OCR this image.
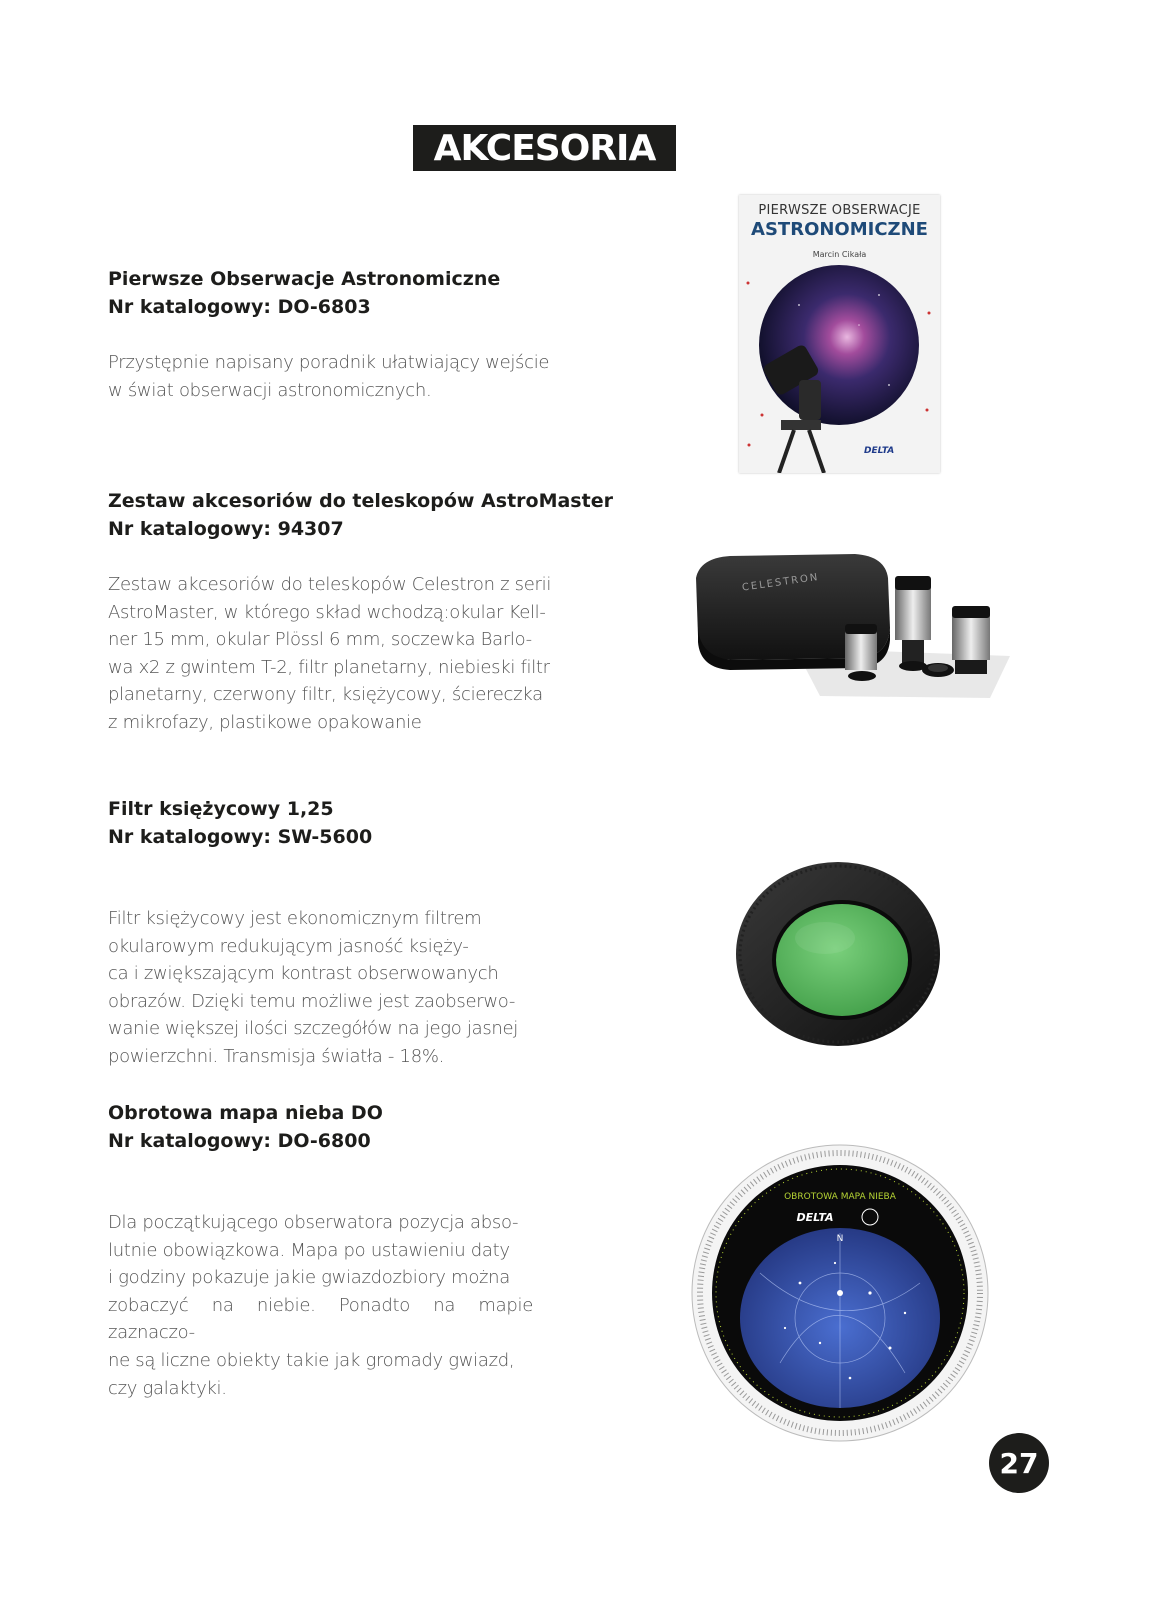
AKCESORIA
Pierwsze Obserwacje Astronomiczne
Nr katalogowy: DO-6803
Przystępnie napisany poradnik ułatwiający wejście
w świat obserwacji astronomicznych.
Zestaw akcesoriów do teleskopów AstroMaster
Nr katalogowy: 94307
Zestaw akcesoriów do teleskopów Celestron z serii
AstroMaster, w którego skład wchodzą:okular Kell-
ner 15 mm, okular Plössl 6 mm, soczewka Barlo-
wa x2 z gwintem T-2, filtr planetarny, niebieski filtr
planetarny, czerwony filtr, księżycowy, ściereczka
z mikrofazy, plastikowe opakowanie
Filtr księżycowy 1,25
Nr katalogowy: SW-5600
Filtr księżycowy jest ekonomicznym filtrem
okularowym redukującym jasność księży-
ca i zwiększającym kontrast obserwowanych
obrazów. Dzięki temu możliwe jest zaobserwo-
wanie większej ilości szczegółów na jego jasnej
powierzchni. Transmisja światła - 18%.
Obrotowa mapa nieba DO
Nr katalogowy: DO-6800
Dla początkującego obserwatora pozycja abso-
lutnie obowiązkowa. Mapa po ustawieniu daty
i godziny pokazuje jakie gwiazdozbiory można
zobaczyć na niebie. Ponadto na mapie zaznaczo-
ne są liczne obiekty takie jak gromady gwiazd,
czy galaktyki.
PIERWSZE OBSERWACJE
ASTRONOMICZNE
Marcin Cikała
DELTA
CELESTRON
OBROTOWA MAPA NIEBA
DELTA
N
27
